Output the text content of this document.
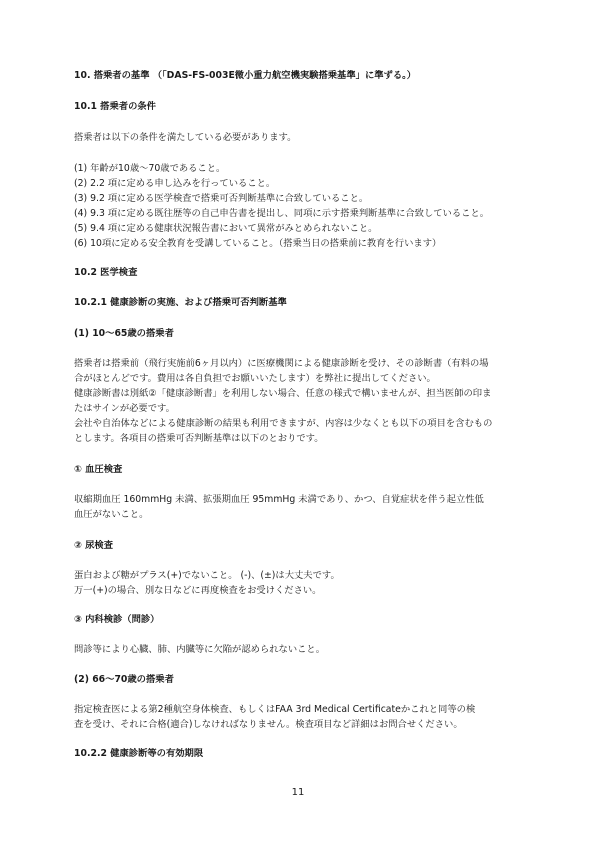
10. 搭乗者の基準 （「DAS-FS-003E微小重力航空機実験搭乗基準」に準ずる。）
10.1 搭乗者の条件
搭乗者は以下の条件を満たしている必要があります。
(1) 年齢が10歳〜70歳であること。
(2) 2.2 項に定める申し込みを行っていること。
(3) 9.2 項に定める医学検査で搭乗可否判断基準に合致していること。
(4) 9.3 項に定める既往歴等の自己申告書を提出し、同項に示す搭乗判断基準に合致していること。
(5) 9.4 項に定める健康状況報告書において異常がみとめられないこと。
(6) 10項に定める安全教育を受講していること。（搭乗当日の搭乗前に教育を行います）
10.2 医学検査
10.2.1 健康診断の実施、および搭乗可否判断基準
(1) 10〜65歳の搭乗者
搭乗者は搭乗前（飛行実施前6ヶ月以内）に医療機関による健康診断を受け、その診断書（有料の場
合がほとんどです。費用は各自負担でお願いいたします）を弊社に提出してください。
健康診断書は別紙②「健康診断書」を利用しない場合、任意の様式で構いませんが、担当医師の印ま
たはサインが必要です。
会社や自治体などによる健康診断の結果も利用できますが、内容は少なくとも以下の項目を含むもの
とします。各項目の搭乗可否判断基準は以下のとおりです。
① 血圧検査
収縮期血圧 160mmHg 未満、拡張期血圧 95mmHg 未満であり、かつ、自覚症状を伴う起立性低
血圧がないこと。
② 尿検査
蛋白および糖がプラス(+)でないこと。 (-)、(±)は大丈夫です。
万一(+)の場合、別な日などに再度検査をお受けください。
③ 内科検診（問診）
問診等により心臓、肺、内臓等に欠陥が認められないこと。
(2) 66〜70歳の搭乗者
指定検査医による第2種航空身体検査、もしくはFAA 3rd Medical Certificateかこれと同等の検
査を受け、それに合格(適合)しなければなりません。検査項目など詳細はお問合せください。
10.2.2 健康診断等の有効期限
11
